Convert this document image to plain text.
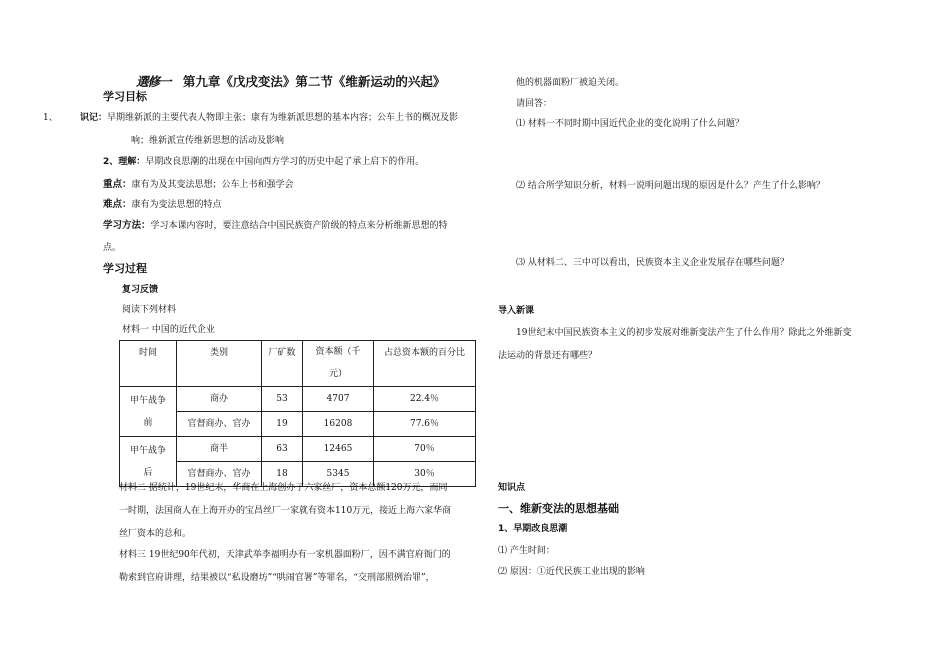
選修一 第九章《戊戌变法》第二节《维新运动的兴起》
学习目标
1、 识记：早期维新派的主要代表人物即主张；康有为维新派思想的基本内容；公车上书的概况及影
响；维新派宣传维新思想的活动及影响
2、理解：早期改良思潮的出现在中国向西方学习的历史中起了承上启下的作用。
重点：康有为及其变法思想；公车上书和强学会
难点：康有为变法思想的特点
学习方法：学习本课内容时，要注意结合中国民族资产阶级的特点来分析维新思想的特
点。
学习过程
复习反馈
阅读下列材料
材料一 中国的近代企业
时间	类别	厂矿数	资本额（千
元）	占总资本额的百分比

甲午战争
前	商办	53	4707	22.4％
	官督商办、官办	19	16208	77.6％

甲午战争
后	商半	63	12465	70％
	官督商办、官办	18	5345	30％
材料二 据统计，19世纪末，华商在上海创办了六家丝厂，资本总额120万元，而同
一时期，法国商人在上海开办的宝昌丝厂一家就有资本110万元，接近上海六家华商
丝厂资本的总和。
材料三 19世纪90年代初，天津武举李福明办有一家机器面粉厂，因不满官府衙门的
勒索到官府讲理，结果被以“私设磨坊”“哄闹官署”等罪名，“交刑部照例治罪”，
他的机器面粉厂被迫关闭。
请回答：
⑴ 材料一不同时期中国近代企业的变化说明了什么问题？
⑵ 结合所学知识分析，材料一说明问题出现的原因是什么？产生了什么影响？
⑶ 从材料二、三中可以看出，民族资本主义企业发展存在哪些问题？
导入新课
19世纪末中国民族资本主义的初步发展对维新变法产生了什么作用？除此之外维新变
法运动的背景还有哪些？
知识点
一、维新变法的思想基础
1、早期改良思潮
⑴ 产生时间：
⑵ 原因：①近代民族工业出现的影响
